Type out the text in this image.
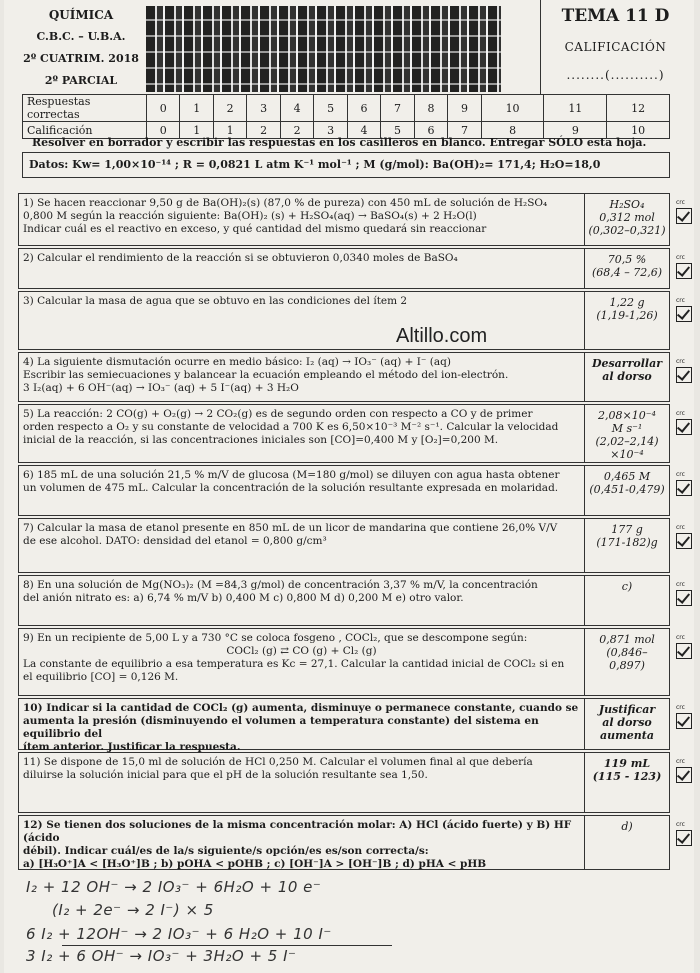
QUÍMICA
C.B.C. – U.B.A.
2º CUATRIM. 2018
2º PARCIAL
TEMA 11 D
CALIFICACIÓN
........(..........)
Respuestas correctas	0	1	2	3	4	5	6	7	8	9	10	11	12
Calificación	0	1	1	2	2	3	4	5	6	7	8	9	10
Resolver en borrador y escribir las respuestas en los casilleros en blanco. Entregar SÓLO esta hoja.
Datos: Kw= 1,00×10⁻¹⁴ ; R = 0,0821 L atm K⁻¹ mol⁻¹ ; M (g/mol): Ba(OH)₂= 171,4; H₂O=18,0
1) Se hacen reaccionar 9,50 g de Ba(OH)₂(s) (87,0 % de pureza) con 450 mL de solución de H₂SO₄
0,800 M según la reacción siguiente: Ba(OH)₂ (s) + H₂SO₄(aq) → BaSO₄(s) + 2 H₂O(l)
Indicar cuál es el reactivo en exceso, y qué cantidad del mismo quedará sin reaccionar
H₂SO₄
0,312 mol
(0,302–0,321)
crc
2) Calcular el rendimiento de la reacción si se obtuvieron 0,0340 moles de BaSO₄	70,5 %
(68,4 – 72,6)
crc
3) Calcular la masa de agua que se obtuvo en las condiciones del ítem 2	1,22 g
(1,19-1,26)
crc
4) La siguiente dismutación ocurre en medio básico: I₂ (aq) → IO₃⁻ (aq) + I⁻ (aq)
Escribir las semiecuaciones y balancear la ecuación empleando el método del ion-electrón.
3 I₂(aq) + 6 OH⁻(aq) → IO₃⁻ (aq) + 5 I⁻(aq) + 3 H₂O
Desarrollar
al dorso
crc
5) La reacción: 2 CO(g) + O₂(g) → 2 CO₂(g) es de segundo orden con respecto a CO y de primer
orden respecto a O₂ y su constante de velocidad a 700 K es 6,50×10⁻³ M⁻² s⁻¹. Calcular la velocidad
inicial de la reacción, si las concentraciones iniciales son [CO]=0,400 M y [O₂]=0,200 M.
2,08×10⁻⁴
M s⁻¹
(2,02–2,14)
×10⁻⁴
crc
6) 185 mL de una solución 21,5 % m/V de glucosa (M=180 g/mol) se diluyen con agua hasta obtener
un volumen de 475 mL. Calcular la concentración de la solución resultante expresada en molaridad.
0,465 M
(0,451-0,479)
crc
7) Calcular la masa de etanol presente en 850 mL de un licor de mandarina que contiene 26,0% V/V
de ese alcohol. DATO: densidad del etanol = 0,800 g/cm³
177 g
(171-182)g
crc
8) En una solución de Mg(NO₃)₂ (M =84,3 g/mol) de concentración 3,37 % m/V, la concentración
del anión nitrato es: a) 6,74 % m/V b) 0,400 M c) 0,800 M d) 0,200 M e) otro valor.
c)	crc
9) En un recipiente de 5,00 L y a 730 °C se coloca fosgeno , COCl₂, que se descompone según:
COCl₂ (g) ⇄ CO (g) + Cl₂ (g)
La constante de equilibrio a esa temperatura es Kc = 27,1. Calcular la cantidad inicial de COCl₂ si en
el equilibrio [CO] = 0,126 M.
0,871 mol
(0,846–
0,897)
crc
10) Indicar si la cantidad de COCl₂ (g) aumenta, disminuye o permanece constante, cuando se
aumenta la presión (disminuyendo el volumen a temperatura constante) del sistema en equilibrio del
ítem anterior. Justificar la respuesta.
Justificar
al dorso
aumenta
crc
11) Se dispone de 15,0 ml de solución de HCl 0,250 M. Calcular el volumen final al que debería
diluirse la solución inicial para que el pH de la solución resultante sea 1,50.
119 mL
(115 - 123)
crc
12) Se tienen dos soluciones de la misma concentración molar: A) HCl (ácido fuerte) y B) HF (ácido
débil). Indicar cuál/es de la/s siguiente/s opción/es es/son correcta/s:
a) [H₃O⁺]A < [H₃O⁺]B ; b) pOHA < pOHB ; c) [OH⁻]A > [OH⁻]B ; d) pHA < pHB
d)	crc
Altillo.com
I₂ + 12 OH⁻ → 2 IO₃⁻ + 6H₂O + 10 e⁻
(I₂ + 2e⁻ → 2 I⁻) × 5
6 I₂ + 12OH⁻ → 2 IO₃⁻ + 6 H₂O + 10 I⁻
3 I₂ + 6 OH⁻ → IO₃⁻ + 3H₂O + 5 I⁻
